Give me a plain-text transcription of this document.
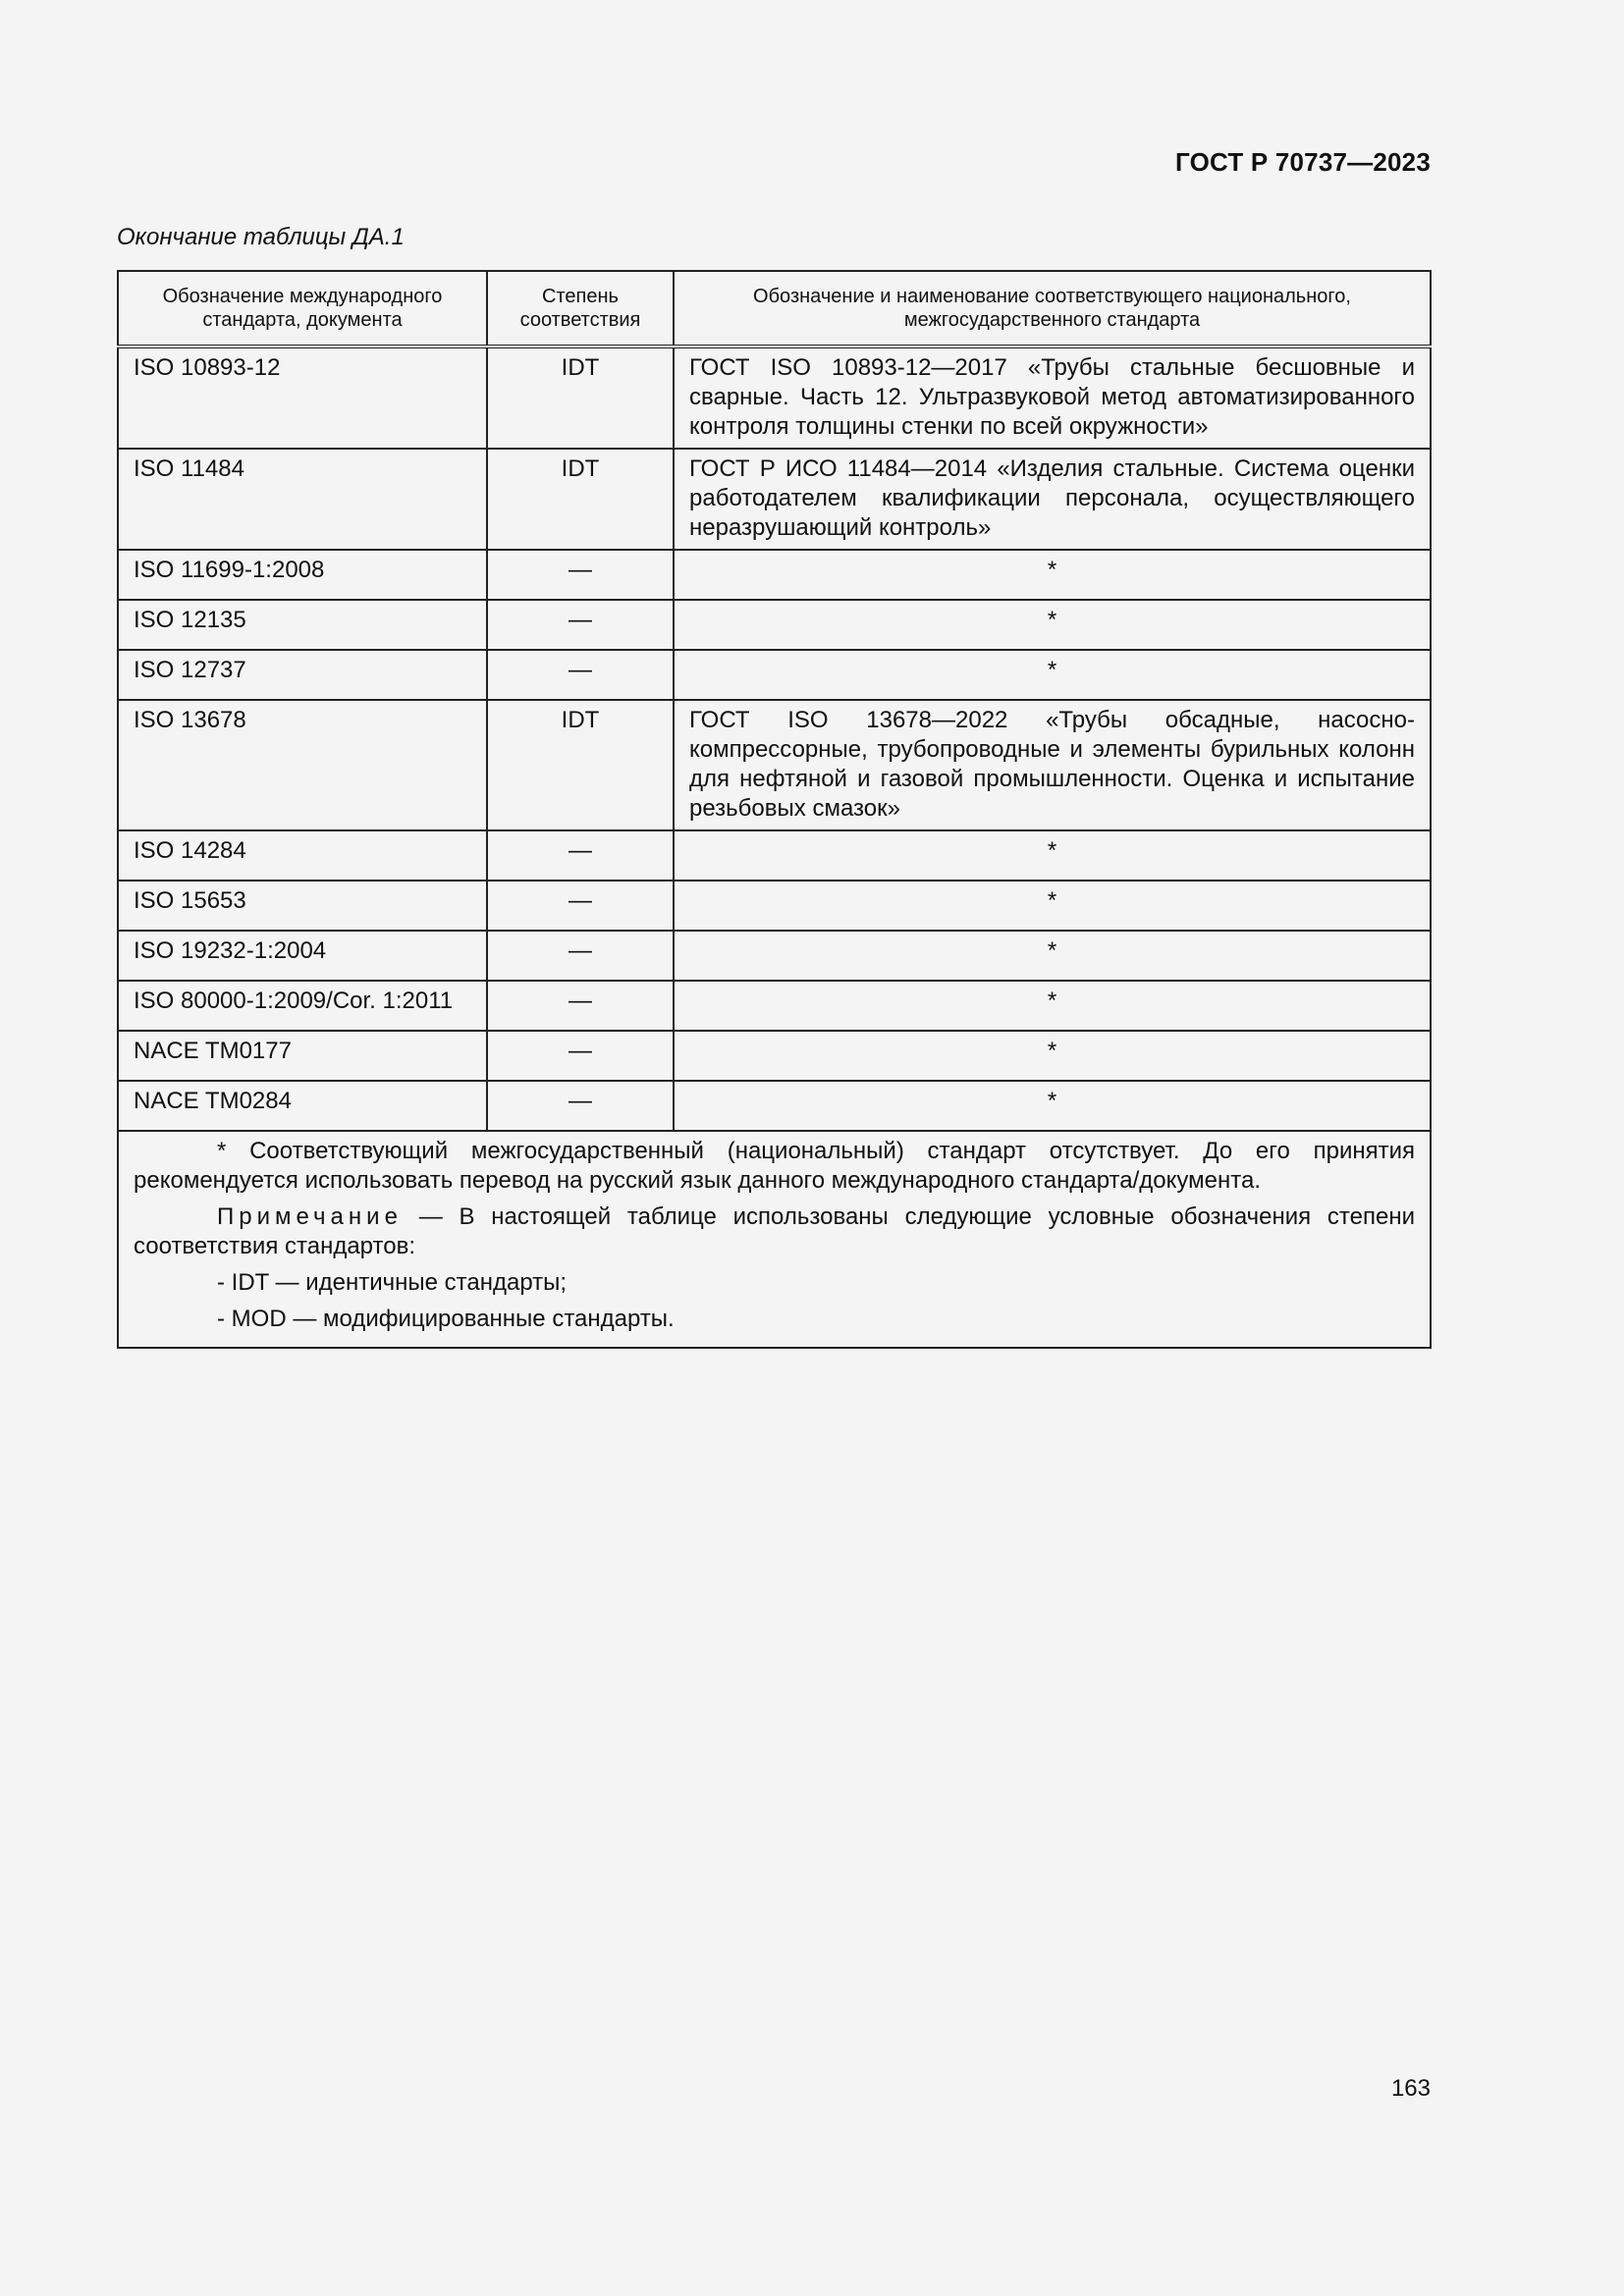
ГОСТ Р 70737—2023
Окончание таблицы ДА.1
Обозначение международного стандарта, документа	Степень соответствия	Обозначение и наименование соответствующего национального, межгосударственного стандарта
ISO 10893-12	IDT	ГОСТ ISO 10893-12—2017 «Трубы стальные бесшовные и сварные. Часть 12. Ультразвуковой метод автоматизированного контроля толщины стенки по всей окружности»
ISO 11484	IDT	ГОСТ Р ИСО 11484—2014 «Изделия стальные. Система оценки работодателем квалификации персонала, осуществляющего неразрушающий контроль»
ISO 11699-1:2008	—	*
ISO 12135	—	*
ISO 12737	—	*
ISO 13678	IDT	ГОСТ ISO 13678—2022 «Трубы обсадные, насосно-компрессорные, трубопроводные и элементы бурильных колонн для нефтяной и газовой промышленности. Оценка и испытание резьбовых смазок»
ISO 14284	—	*
ISO 15653	—	*
ISO 19232-1:2004	—	*
ISO 80000-1:2009/Cor. 1:2011	—	*
NACE TM0177	—	*
NACE TM0284	—	*

* Соответствующий межгосударственный (национальный) стандарт отсутствует. До его принятия рекомендуется использовать перевод на русский язык данного международного стандарта/документа.

Примечание — В настоящей таблице использованы следующие условные обозначения степени соответствия стандартов:

- IDT — идентичные стандарты;
- MOD — модифицированные стандарты.		
163
